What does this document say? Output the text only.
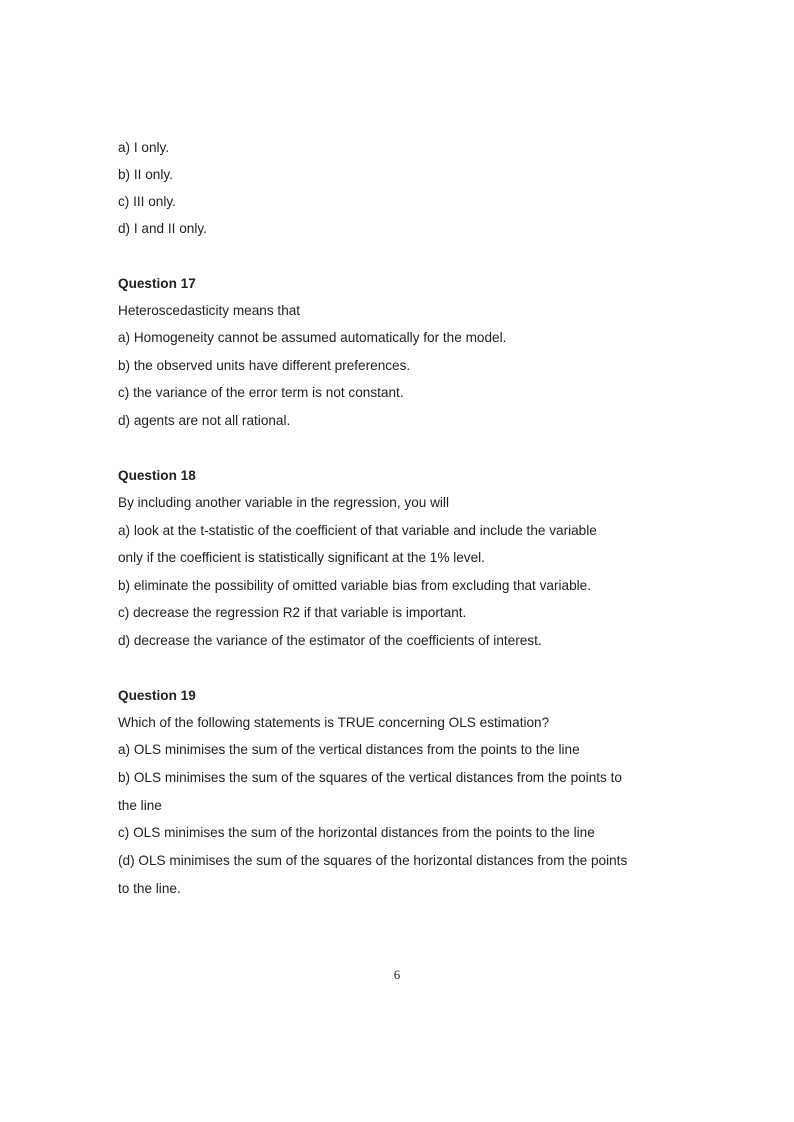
a) I only.
b) II only.
c) III only.
d) I and II only.
Question 17
Heteroscedasticity means that
a) Homogeneity cannot be assumed automatically for the model.
b) the observed units have different preferences.
c) the variance of the error term is not constant.
d) agents are not all rational.
Question 18
By including another variable in the regression, you will
a) look at the t-statistic of the coefficient of that variable and include the variable
only if the coefficient is statistically significant at the 1% level.
b) eliminate the possibility of omitted variable bias from excluding that variable.
c) decrease the regression R2 if that variable is important.
d) decrease the variance of the estimator of the coefficients of interest.
Question 19
Which of the following statements is TRUE concerning OLS estimation?
a) OLS minimises the sum of the vertical distances from the points to the line
b) OLS minimises the sum of the squares of the vertical distances from the points to
the line
c) OLS minimises the sum of the horizontal distances from the points to the line
(d) OLS minimises the sum of the squares of the horizontal distances from the points
to the line.
6
